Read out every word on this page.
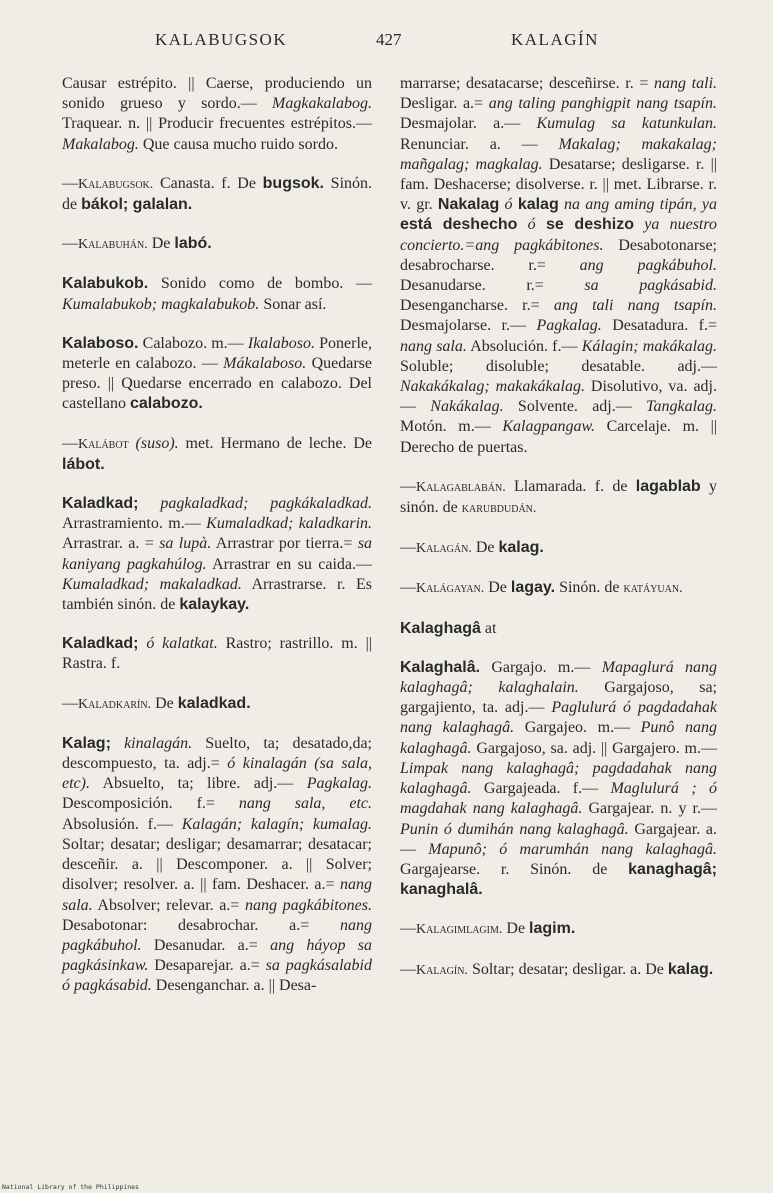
KALABUGSOK	427	KALAGÍN

Causar estrépito. || Caerse, produciendo un sonido grueso y sordo.— Magkakalabog. Traquear. n. || Producir frecuentes estrépitos.— Makalabog. Que causa mucho ruido sordo.

—Kalabugsok. Canasta. f. De bugsok. Sinón. de bákol; galalan.

—Kalabuhán. De labó.

Kalabukob. Sonido como de bombo. — Kumalabukob; magkalabukob. Sonar así.

Kalaboso. Calabozo. m.— Ikalaboso. Ponerle, meterle en calabozo. — Mákalaboso. Quedarse preso. || Quedarse encerrado en calabozo. Del castellano calabozo.

—Kalábot (suso). met. Hermano de leche. De lábot.

Kaladkad; pagkaladkad; pagkákaladkad. Arrastramiento. m.— Kumaladkad; kaladkarin. Arrastrar. a. = sa lupà. Arrastrar por tierra.= sa kaniyang pagkahúlog. Arrastrar en su caida.— Kumaladkad; makaladkad. Arrastrarse. r. Es también sinón. de kalaykay.

Kaladkad; ó kalatkat. Rastro; rastrillo. m. || Rastra. f.

—Kaladkarín. De kaladkad.

Kalag; kinalagán. Suelto, ta; desatado,da; descompuesto, ta. adj.= ó kinalagán (sa sala, etc). Absuelto, ta; libre. adj.— Pagkalag. Descomposición. f.= nang sala, etc. Absolusión. f.— Kalagán; kalagín; kumalag. Soltar; desatar; desligar; desamarrar; desatacar; desceñir. a. || Descomponer. a. || Solver; disolver; resolver. a. || fam. Deshacer. a.= nang sala. Absolver; relevar. a.= nang pagkábitones. Desabotonar: desabrochar. a.= nang pagkábuhol. Desanudar. a.= ang háyop sa pagkásinkaw. Desaparejar. a.= sa pagkásalabid ó pagkásabid. Desenganchar. a. || Desa-

marrarse; desatacarse; desceñirse. r. = nang tali. Desligar. a.= ang taling panghigpit nang tsapín. Desmajolar. a.— Kumulag sa katunkulan. Renunciar. a. — Makalag; makakalag; mañgalag; magkalag. Desatarse; desligarse. r. || fam. Deshacerse; disolverse. r. || met. Librarse. r. v. gr. Nakalag ó kalag na ang aming tipán, ya está deshecho ó se deshizo ya nuestro concierto.=ang pagkábitones. Desabotonarse; desabrocharse. r.= ang pagkábuhol. Desanudarse. r.=	sa pagkásabid. Desengancharse. r.= ang tali nang tsapín. Desmajolarse. r.— Pagkalag. Desatadura. f.= nang sala. Absolución. f.— Kálagin; makákalag. Soluble; disoluble; desatable. adj.— Nakakákalag; makakákalag. Disolutivo, va. adj.— Nakákalag. Solvente. adj.— Tangkalag. Motón. m.— Kalagpangaw. Carcelaje. m. || Derecho de puertas.

—Kalagablabán. Llamarada. f. de lagablab y sinón. de karubdudán.

—Kalagán. De kalag.

—Kalágayan. De lagay. Sinón. de katáyuan.

Kalaghagâ at

Kalaghalâ. Gargajo. m.— Mapaglurá nang kalaghagâ; kalaghalain. Gargajoso, sa; gargajiento, ta. adj.— Paglulurá ó pagdadahak nang kalaghagâ. Gargajeo. m.— Punô nang kalaghagâ. Gargajoso, sa. adj. || Gargajero. m.— Limpak nang kalaghagâ; pagdadahak nang kalaghagâ. Gargajeada. f.— Magluluráَ; ó magdahak nang kalaghagâ. Gargajear. n. y r.— Punin ó dumihán nang kalaghagâ. Gargajear. a.— Mapunô; ó marumhán nang kalaghagâ. Gargajearse. r. Sinón. de kanaghagâ; kanaghalâ.

—Kalagimlagim. De lagim.

—Kalagín. Soltar; desatar; desligar. a. De kalag.

National Library of the Philippines
